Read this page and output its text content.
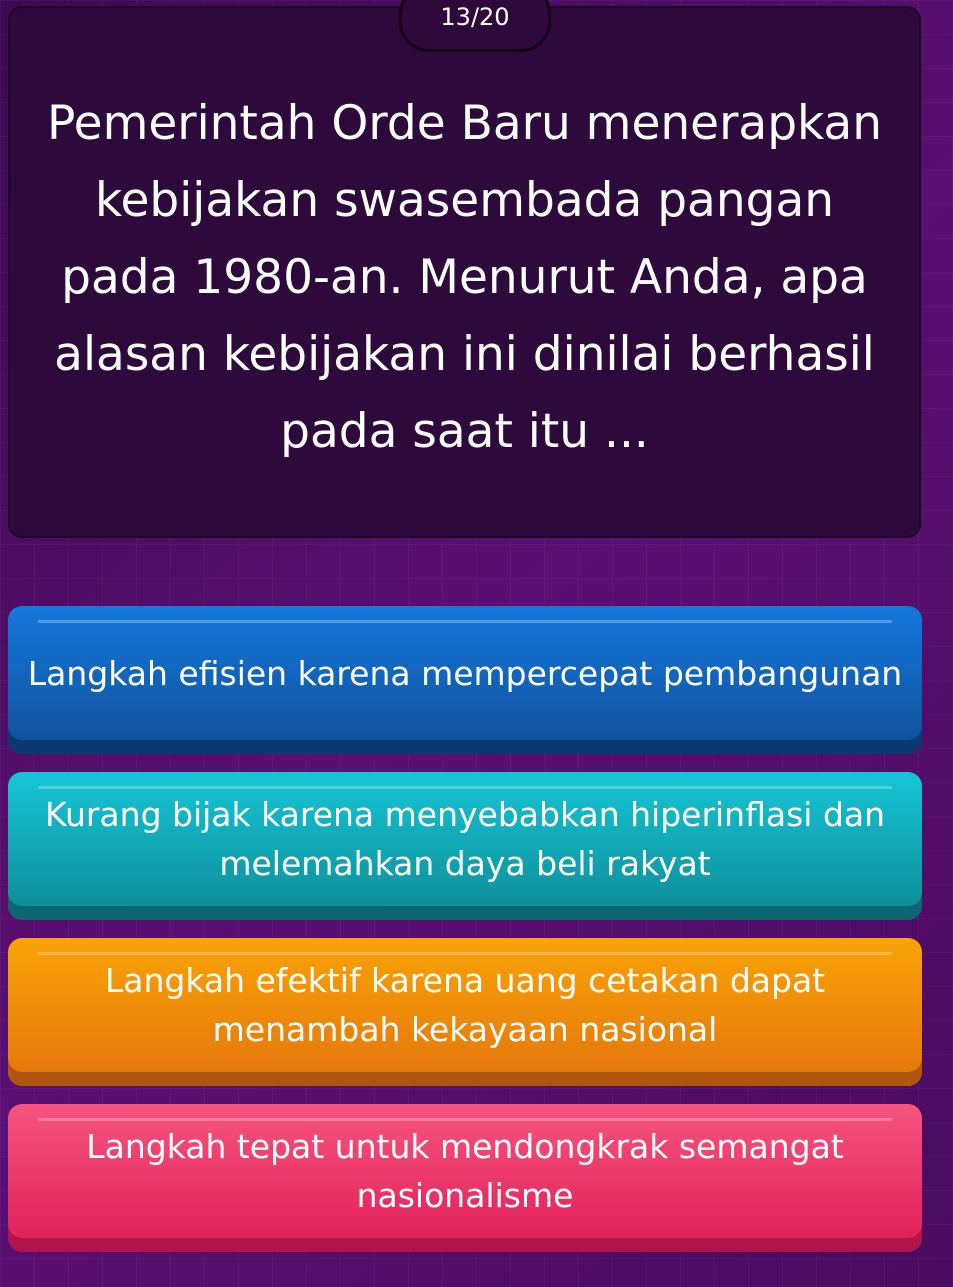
13/20
Pemerintah Orde Baru menerapkan kebijakan swasembada pangan pada 1980-an. Menurut Anda, apa alasan kebijakan ini dinilai berhasil pada saat itu ...
Langkah efisien karena mempercepat pembangunan
Kurang bijak karena menyebabkan hiperinflasi dan melemahkan daya beli rakyat
Langkah efektif karena uang cetakan dapat menambah kekayaan nasional
Langkah tepat untuk mendongkrak semangat nasionalisme
